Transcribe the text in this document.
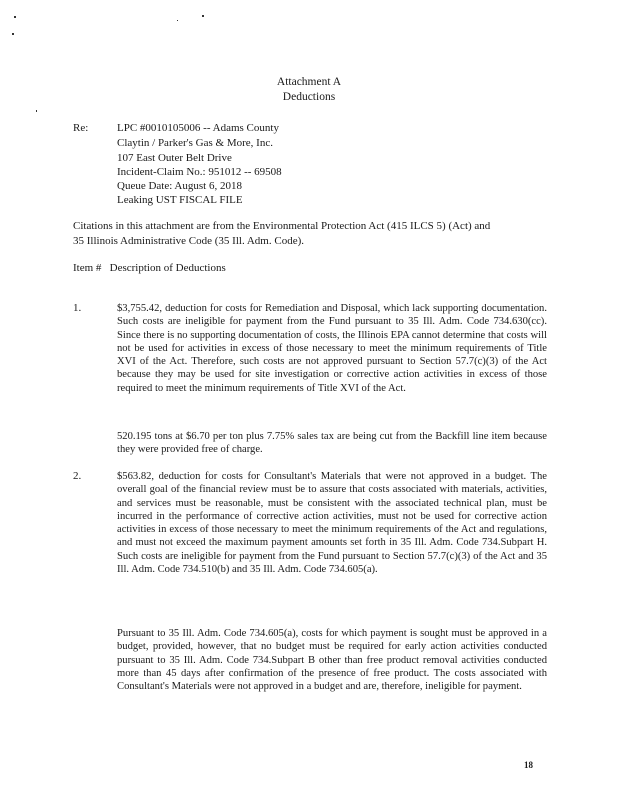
Attachment A
Deductions
Re:	LPC #0010105006 -- Adams County
Claytin / Parker's Gas & More, Inc.
107 East Outer Belt Drive
Incident-Claim No.: 951012 -- 69508
Queue Date: August 6, 2018
Leaking UST FISCAL FILE
Citations in this attachment are from the Environmental Protection Act (415 ILCS 5) (Act) and
35 Illinois Administrative Code (35 Ill. Adm. Code).
Item #   Description of Deductions
1.	$3,755.42, deduction for costs for Remediation and Disposal, which lack supporting documentation. Such costs are ineligible for payment from the Fund pursuant to 35 Ill. Adm. Code 734.630(cc). Since there is no supporting documentation of costs, the Illinois EPA cannot determine that costs will not be used for activities in excess of those necessary to meet the minimum requirements of Title XVI of the Act. Therefore, such costs are not approved pursuant to Section 57.7(c)(3) of the Act because they may be used for site investigation or corrective action activities in excess of those required to meet the minimum requirements of Title XVI of the Act.
520.195 tons at $6.70 per ton plus 7.75% sales tax are being cut from the Backfill line item because they were provided free of charge.
2.	$563.82, deduction for costs for Consultant's Materials that were not approved in a budget. The overall goal of the financial review must be to assure that costs associated with materials, activities, and services must be reasonable, must be consistent with the associated technical plan, must be incurred in the performance of corrective action activities, must not be used for corrective action activities in excess of those necessary to meet the minimum requirements of the Act and regulations, and must not exceed the maximum payment amounts set forth in 35 Ill. Adm. Code 734.Subpart H. Such costs are ineligible for payment from the Fund pursuant to Section 57.7(c)(3) of the Act and 35 Ill. Adm. Code 734.510(b) and 35 Ill. Adm. Code 734.605(a).
Pursuant to 35 Ill. Adm. Code 734.605(a), costs for which payment is sought must be approved in a budget, provided, however, that no budget must be required for early action activities conducted pursuant to 35 Ill. Adm. Code 734.Subpart B other than free product removal activities conducted more than 45 days after confirmation of the presence of free product. The costs associated with Consultant's Materials were not approved in a budget and are, therefore, ineligible for payment.
18
